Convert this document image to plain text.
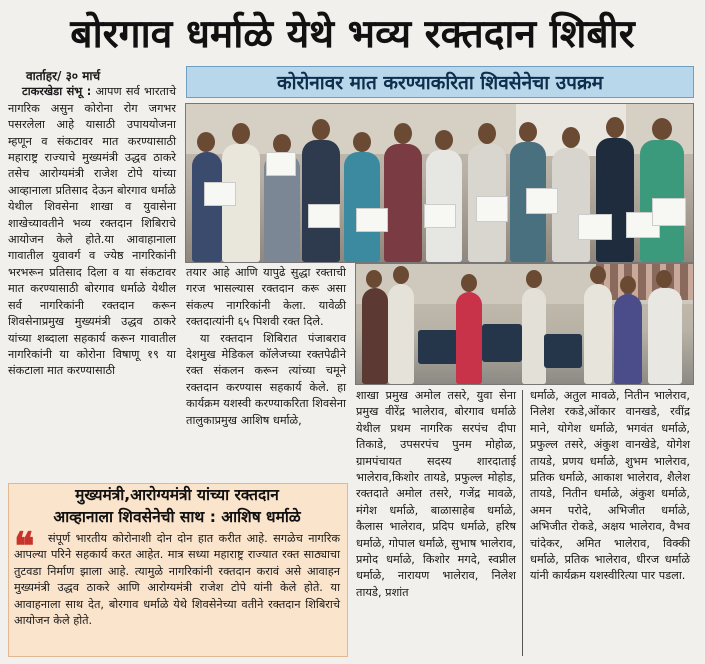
बोरगाव धर्माळे येथे भव्य रक्तदान शिबीर
कोरोनावर मात करण्याकरिता शिवसेनेचा उपक्रम

वार्ताहर/ ३० मार्च

टाकरखेडा संभू : आपण सर्व भारताचे नागरिक असुन कोरोना रोग जगभर पसरलेला आहे यासाठी उपाययोजना म्हणून व संकटावर मात करण्यासाठी महाराष्ट्र राज्याचे मुख्यमंत्री उद्धव ठाकरे तसेच आरोग्यमंत्री राजेश टोपे यांच्या आव्हानाला प्रतिसाद देऊन बोरगाव धर्माळे येथील शिवसेना शाखा व युवासेना शाखेच्यावतीने भव्य रक्तदान शिबिराचे आयोजन केले होते.या आवाहानाला गावातील युवावर्ग व ज्येष्ठ नागरिकांनी भरभरून प्रतिसाद दिला व या संकटावर मात करण्यासाठी बोरगाव धर्माळे येथील सर्व नागरिकांनी रक्तदान करून शिवसेनाप्रमुख मुख्यमंत्री उद्धव ठाकरे यांच्या शब्दाला सहकार्य करून गावातील नागरिकांनी या कोरोना विषाणू १९ या संकटाला मात करण्यासाठी

तयार आहे आणि यापुढे सुद्धा रक्ताची गरज भासल्यास रक्तदान करू असा संकल्प नागरिकांनी केला. यावेळी रक्तदात्यांनी ६५ पिशवी रक्त दिले.

या रक्तदान शिबिरात पंजाबराव देशमुख मेडिकल कॉलेजच्या रक्तपेढीने रक्त संकलन करून त्यांच्या चमूने रक्तदान करण्यास सहकार्य केले. हा कार्यक्रम यशस्वी करण्याकरिता शिवसेना तालुकाप्रमुख आशिष धर्माळे,

शाखा प्रमुख अमोल तसरे, युवा सेना प्रमुख वीरेंद्र भालेराव, बोरगाव धर्माळे येथील प्रथम नागरिक सरपंच दीपा तिकाडे, उपसरपंच पुनम मोहोळ, ग्रामपंचायत सदस्य शारदाताई भालेराव,किशोर तायडे, प्रफुल्ल मोहोड, रक्तदाते अमोल तसरे, गजेंद्र मावळे, मंगेश धर्माळे, बाळासाहेब धर्माळे, कैलास भालेराव, प्रदिप धर्माळे, हरिष धर्माळे, गोपाल धर्माळे, सुभाष भालेराव, प्रमोद धर्माळे, किशोर मगदे, स्वप्नील धर्माळे, नारायण भालेराव, निलेश तायडे, प्रशांत

धर्माळे, अतुल मावळे, नितीन भालेराव, निलेश रकडे,ओंकार वानखडे, रवींद्र माने, योगेश धर्माळे, भगवंत धर्माळे, प्रफुल्ल तसरे, अंकुश वानखेडे, योगेश तायडे, प्रणय धर्माळे, शुभम भालेराव, प्रतिक धर्माळे, आकाश भालेराव, शैलेश तायडे, नितीन धर्माळे, अंकुश धर्माळे, अमन परोदे, अभिजीत धर्माळे, अभिजीत रोकडे, अक्षय भालेराव, वैभव चांदेकर, अमित भालेराव, विक्की धर्माळे, प्रतिक भालेराव, धीरज धर्माळे यांनी कार्यक्रम यशस्वीरित्या पार पडला.

मुख्यमंत्री,आरोग्यमंत्री यांच्या रक्तदान
आव्हानाला शिवसेनेची साथ : आशिष धर्माळे
❝	संपूर्ण भारतीय कोरोनाशी दोन दोन हात करीत आहे. सगळेच नागरिक आपल्या परिने सहकार्य करत आहेत. मात्र सध्या महाराष्ट्र राज्यात रक्त साठ्याचा तुटवडा निर्माण झाला आहे. त्यामुळे नागरिकांनी रक्तदान करावं असे आवाहन मुख्यमंत्री उद्धव ठाकरे आणि आरोग्यमंत्री राजेश टोपे यांनी केले होते. या आवाहनाला साथ देत, बोरगाव धर्माळे येथे शिवसेनेच्या वतीने रक्तदान शिबिराचे आयोजन केले होते.
